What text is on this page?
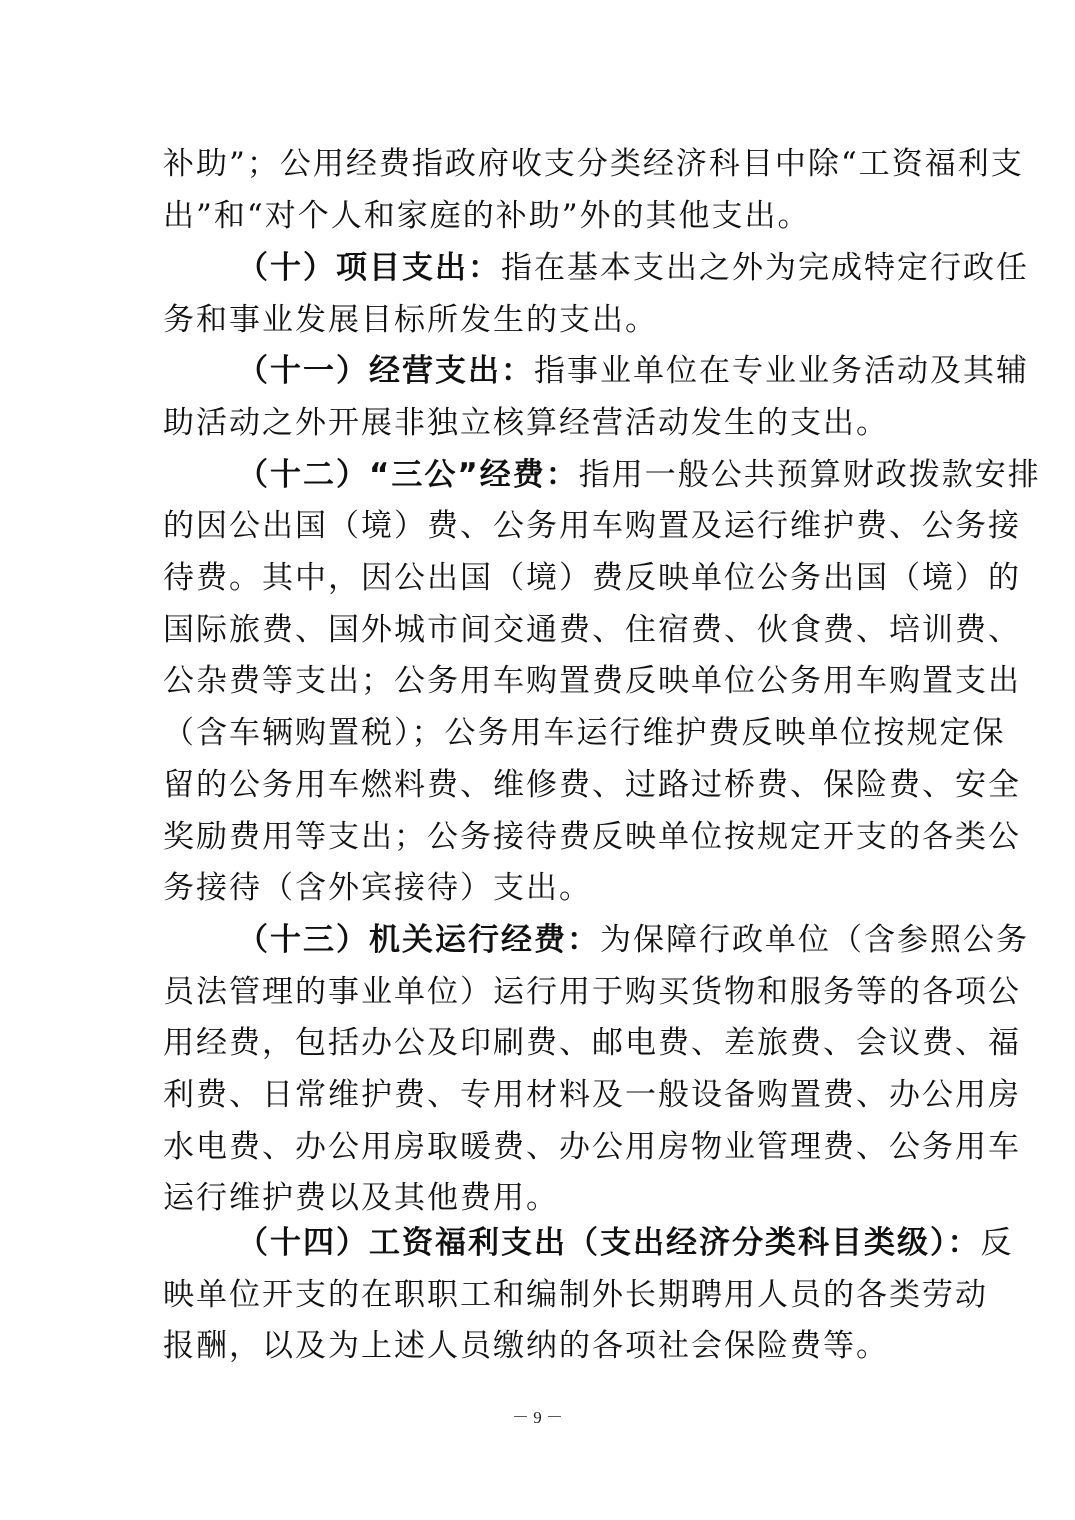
补助”；公用经费指政府收支分类经济科目中除“工资福利支
出”和“对个人和家庭的补助”外的其他支出。
（十）项目支出：指在基本支出之外为完成特定行政任
务和事业发展目标所发生的支出。
（十一）经营支出：指事业单位在专业业务活动及其辅
助活动之外开展非独立核算经营活动发生的支出。
（十二）“三公”经费：指用一般公共预算财政拨款安排
的因公出国（境）费、公务用车购置及运行维护费、公务接
待费。其中，因公出国（境）费反映单位公务出国（境）的
国际旅费、国外城市间交通费、住宿费、伙食费、培训费、
公杂费等支出；公务用车购置费反映单位公务用车购置支出
（含车辆购置税）；公务用车运行维护费反映单位按规定保
留的公务用车燃料费、维修费、过路过桥费、保险费、安全
奖励费用等支出；公务接待费反映单位按规定开支的各类公
务接待（含外宾接待）支出。
（十三）机关运行经费：为保障行政单位（含参照公务
员法管理的事业单位）运行用于购买货物和服务等的各项公
用经费，包括办公及印刷费、邮电费、差旅费、会议费、福
利费、日常维护费、专用材料及一般设备购置费、办公用房
水电费、办公用房取暖费、办公用房物业管理费、公务用车
运行维护费以及其他费用。
（十四）工资福利支出（支出经济分类科目类级）：反
映单位开支的在职职工和编制外长期聘用人员的各类劳动
报酬，以及为上述人员缴纳的各项社会保险费等。
－ 9 －
